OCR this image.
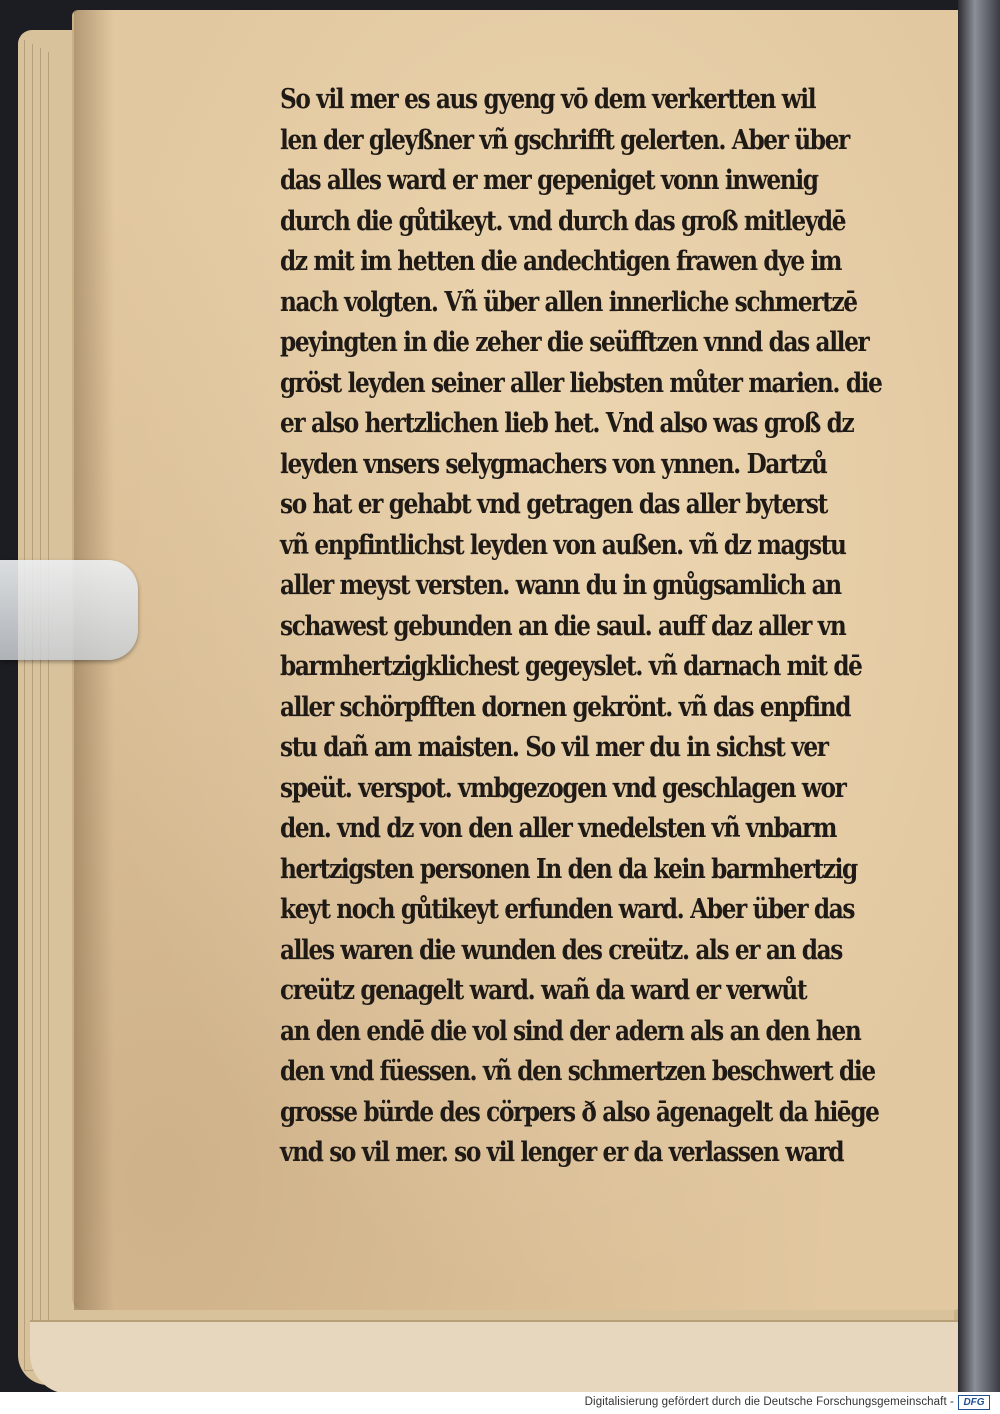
So vil mer es aus gyeng vō dem verkertten wil
len der gleyßner vñ gschrifft gelerten. Aber über
das alles ward er mer gepeniget vonn inwenig
durch die gůtikeyt. vnd durch das groß mitleydē
dz mit im hetten die andechtigen frawen dye im
nach volgten. Vñ über allen innerliche schmertzē
peyingten in die zeher die seüfftzen vnnd das aller
gröst leyden seiner aller liebsten můter marien. die
er also hertzlichen lieb het. Vnd also was groß dz
leyden vnsers selygmachers von ynnen. Dartzů
so hat er gehabt vnd getragen das aller byterst
vñ enpfintlichst leyden von außen. vñ dz magstu
aller meyst versten. wann du in gnůgsamlich an
schawest gebunden an die saul. auff daz aller vn
barmhertzigklichest gegeyslet. vñ darnach mit dē
aller schörpfften dornen gekrönt. vñ das enpfind
stu dañ am maisten. So vil mer du in sichst ver
speüt. verspot. vmbgezogen vnd geschlagen wor
den. vnd dz von den aller vnedelsten vñ vnbarm
hertzigsten personen In den da kein barmhertzig
keyt noch gůtikeyt erfunden ward. Aber über das
alles waren die wunden des creütz. als er an das
creütz genagelt ward. wañ da ward er verwůt
an den endē die vol sind der adern als an den hen
den vnd füessen. vñ den schmertzen beschwert die
grosse bürde des cörpers ð also āgenagelt da hiēge
vnd so vil mer. so vil lenger er da verlassen ward
Digitalisierung gefördert durch die Deutsche Forschungsgemeinschaft - DFG
